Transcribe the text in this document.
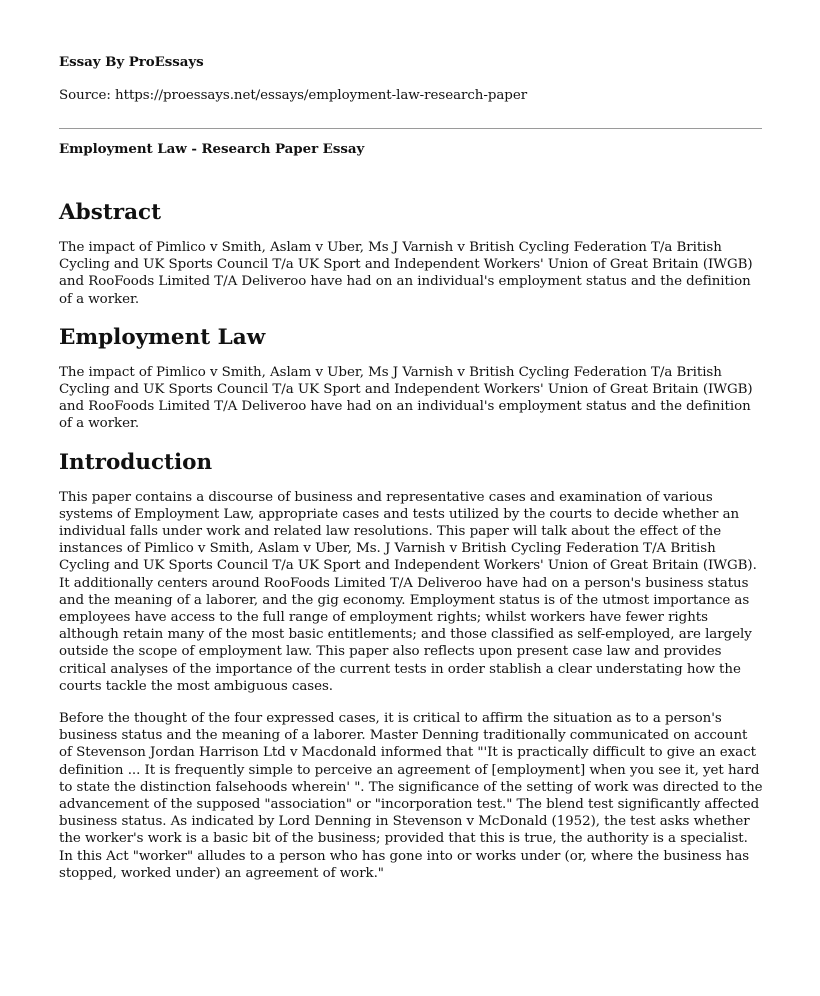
Essay By ProEssays

Source: https://proessays.net/essays/employment-law-research-paper

Employment Law - Research Paper Essay

Abstract

The impact of Pimlico v Smith, Aslam v Uber, Ms J Varnish v British Cycling Federation T/a British Cycling and UK Sports Council T/a UK Sport and Independent Workers' Union of Great Britain (IWGB) and RooFoods Limited T/A Deliveroo have had on an individual's employment status and the definition of a worker.

Employment Law

The impact of Pimlico v Smith, Aslam v Uber, Ms J Varnish v British Cycling Federation T/a British Cycling and UK Sports Council T/a UK Sport and Independent Workers' Union of Great Britain (IWGB) and RooFoods Limited T/A Deliveroo have had on an individual's employment status and the definition of a worker.

Introduction

This paper contains a discourse of business and representative cases and examination of various systems of Employment Law, appropriate cases and tests utilized by the courts to decide whether an individual falls under work and related law resolutions. This paper will talk about the effect of the instances of Pimlico v Smith, Aslam v Uber, Ms. J Varnish v British Cycling Federation T/A British Cycling and UK Sports Council T/a UK Sport and Independent Workers' Union of Great Britain (IWGB). It additionally centers around RooFoods Limited T/A Deliveroo have had on a person's business status and the meaning of a laborer, and the gig economy. Employment status is of the utmost importance as employees have access to the full range of employment rights; whilst workers have fewer rights although retain many of the most basic entitlements; and those classified as self-employed, are largely outside the scope of employment law. This paper also reflects upon present case law and provides critical analyses of the importance of the current tests in order stablish a clear understating how the courts tackle the most ambiguous cases.

Before the thought of the four expressed cases, it is critical to affirm the situation as to a person's business status and the meaning of a laborer. Master Denning traditionally communicated on account of Stevenson Jordan Harrison Ltd v Macdonald informed that "'It is practically difficult to give an exact definition ... It is frequently simple to perceive an agreement of [employment] when you see it, yet hard to state the distinction falsehoods wherein' ". The significance of the setting of work was directed to the advancement of the supposed "association" or "incorporation test." The blend test significantly affected business status. As indicated by Lord Denning in Stevenson v McDonald (1952), the test asks whether the worker's work is a basic bit of the business; provided that this is true, the authority is a specialist. In this Act "worker" alludes to a person who has gone into or works under (or, where the business has stopped, worked under) an agreement of work."
